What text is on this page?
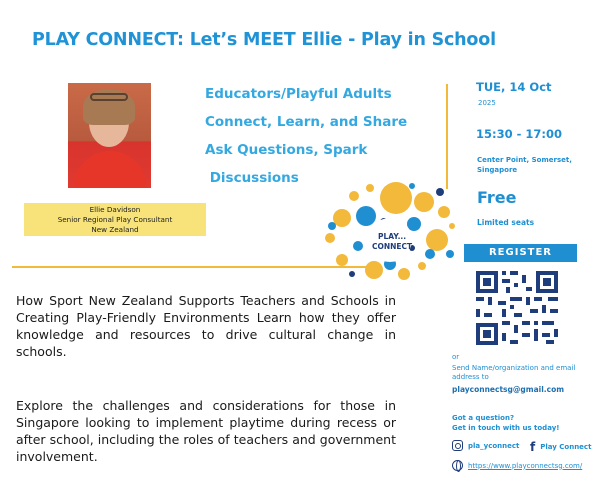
PLAY CONNECT: Let’s MEET Ellie - Play in School
Ellie Davidson
Senior Regional Play Consultant
New Zealand
Educators/Playful Adults
Connect, Learn, and Share
Ask Questions, Spark
Discussions
TUE, 14 Oct
2025
15:30 - 17:00
Center Point, Somerset,
Singapore
Free
Limited seats
REGISTER
or
Send Name/organization and email address to
playconnectsg@gmail.com
Got a question?
Get in touch with us today!
pla_yconnect f Play Connect
https://www.playconnectsg.com/
PLAY...
CONNECT
How Sport New Zealand Supports Teachers and Schools in Creating Play-Friendly Environments Learn how they offer knowledge and resources to drive cultural change in schools.
Explore the challenges and considerations for those in Singapore looking to implement playtime during recess or after school, including the roles of teachers and government involvement.
